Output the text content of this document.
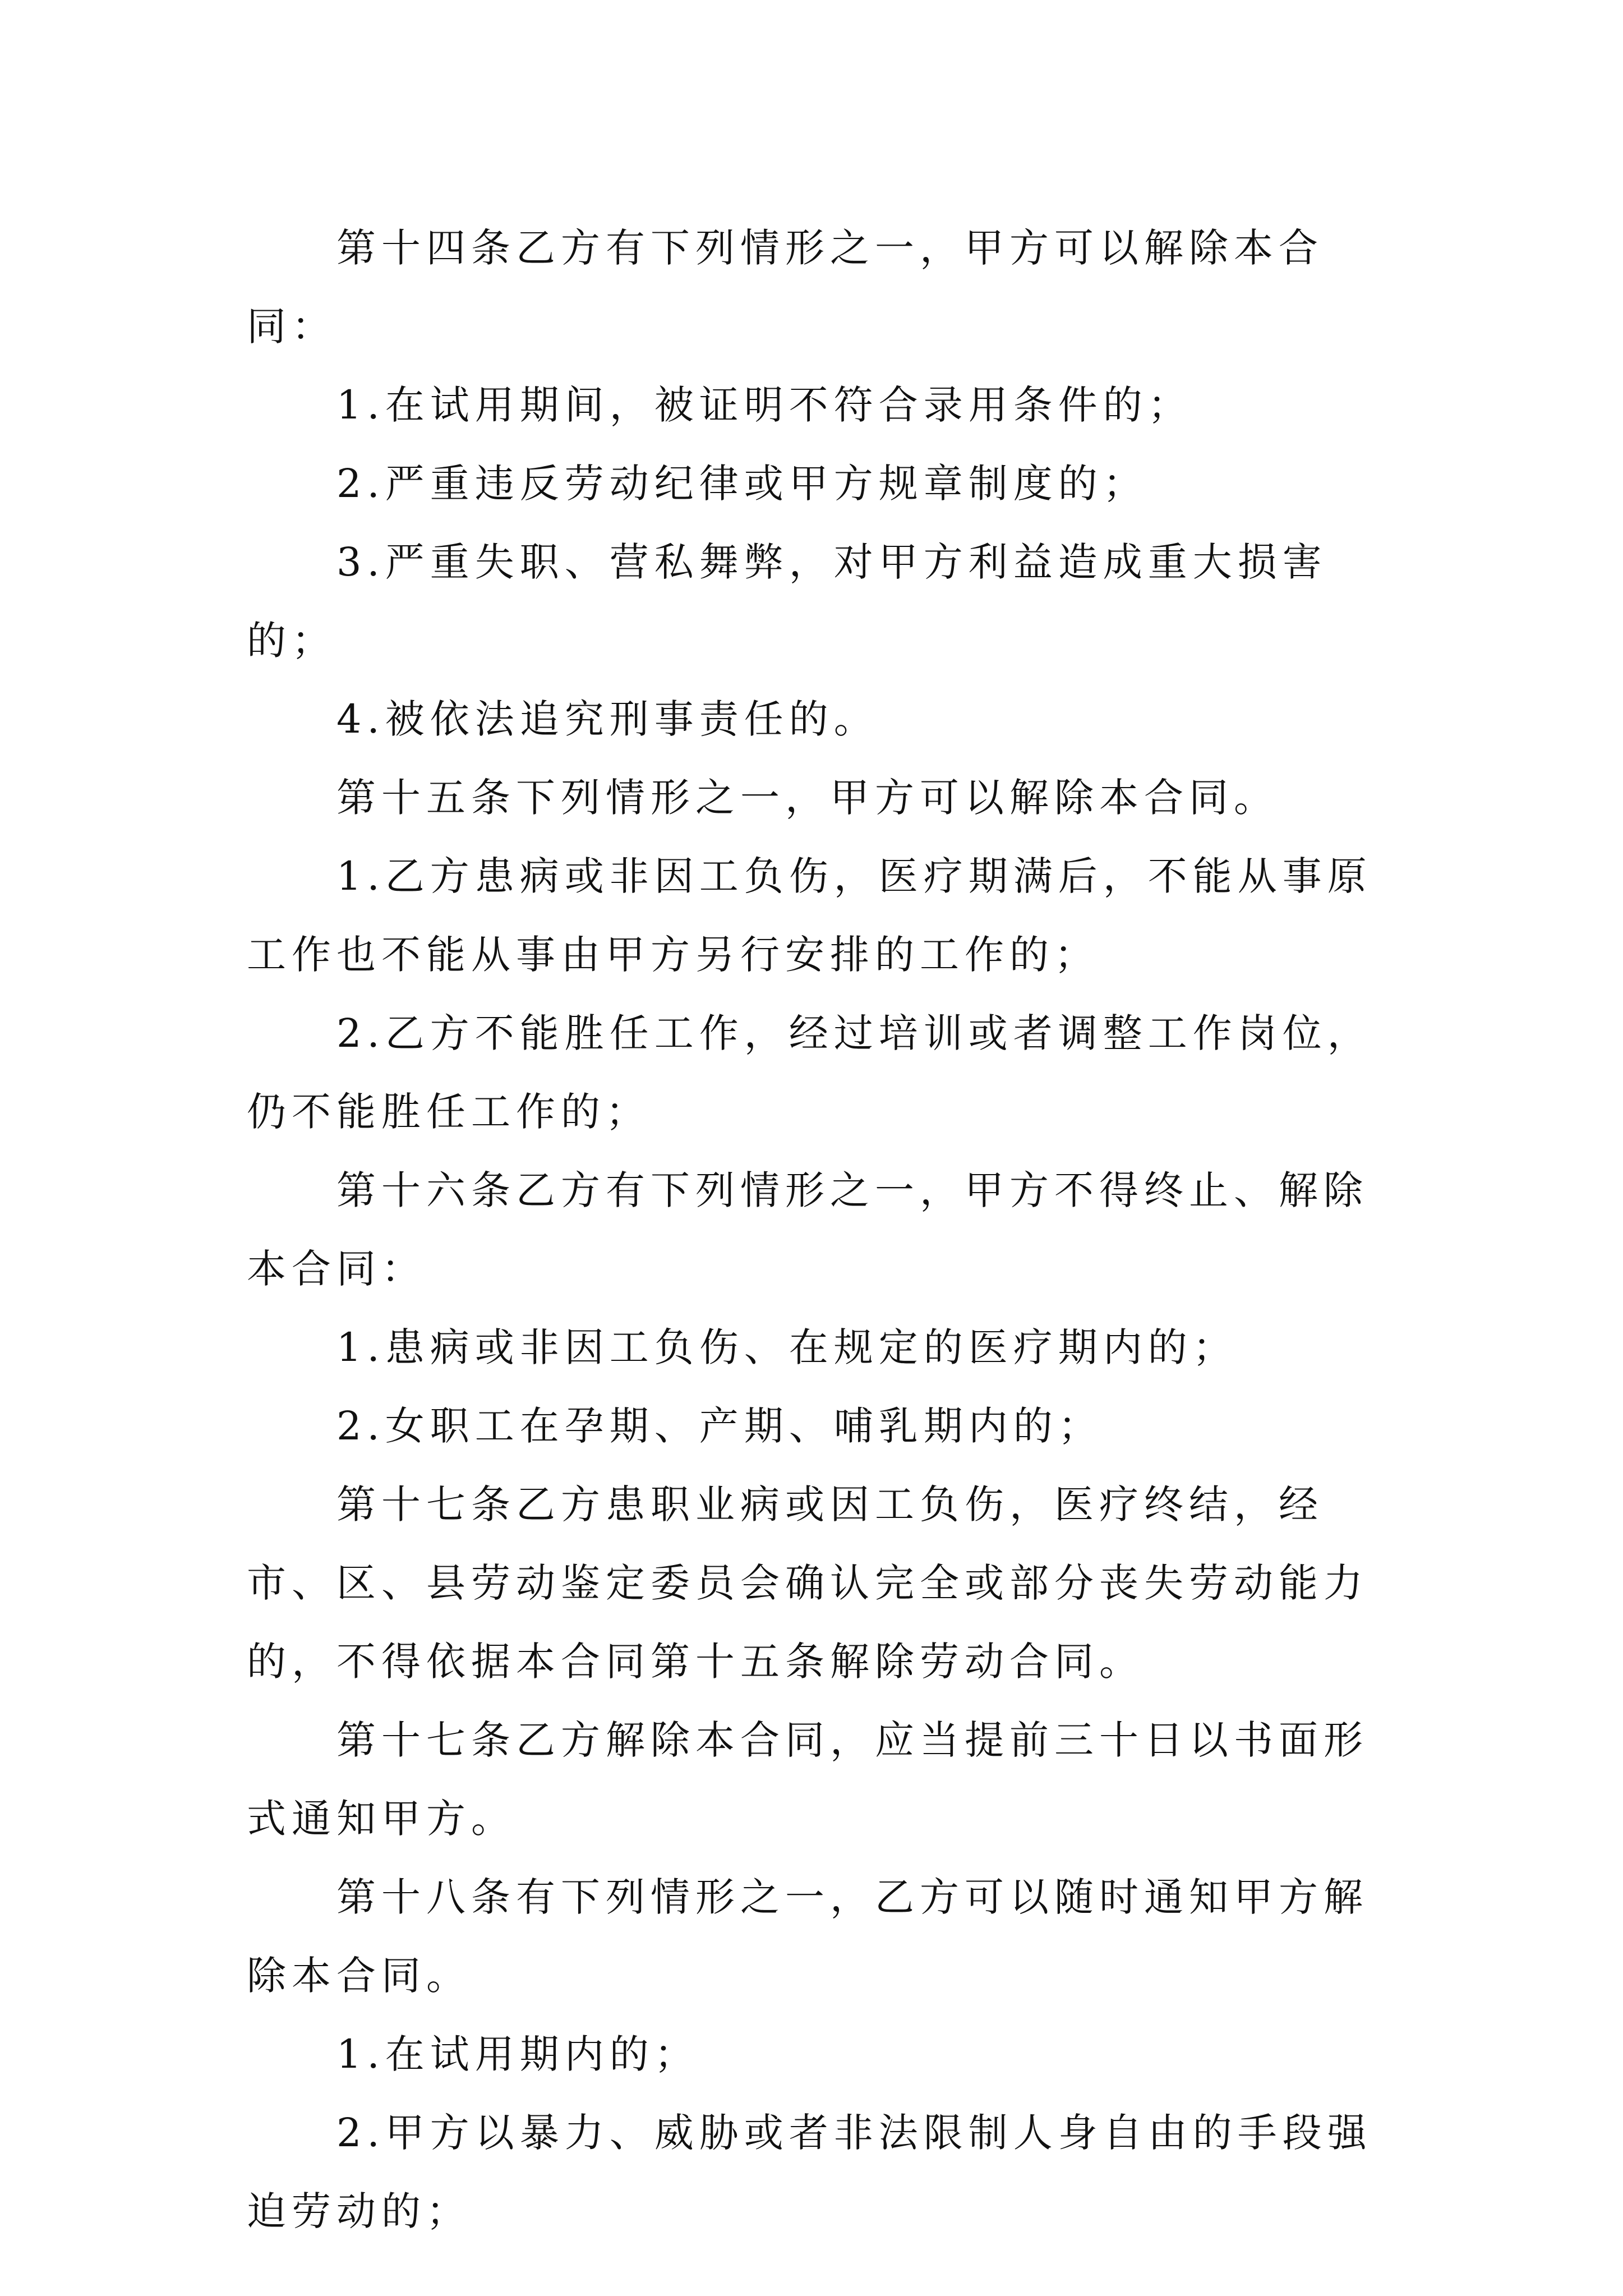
第十四条乙方有下列情形之一，甲方可以解除本合同：

1.在试用期间，被证明不符合录用条件的；

2.严重违反劳动纪律或甲方规章制度的；

3.严重失职、营私舞弊，对甲方利益造成重大损害的；

4.被依法追究刑事责任的。

第十五条下列情形之一，甲方可以解除本合同。

1.乙方患病或非因工负伤，医疗期满后，不能从事原工作也不能从事由甲方另行安排的工作的；

2.乙方不能胜任工作，经过培训或者调整工作岗位，仍不能胜任工作的；

第十六条乙方有下列情形之一，甲方不得终止、解除本合同：

1.患病或非因工负伤、在规定的医疗期内的；

2.女职工在孕期、产期、哺乳期内的；

第十七条乙方患职业病或因工负伤，医疗终结，经市、区、县劳动鉴定委员会确认完全或部分丧失劳动能力的，不得依据本合同第十五条解除劳动合同。

第十七条乙方解除本合同，应当提前三十日以书面形式通知甲方。

第十八条有下列情形之一，乙方可以随时通知甲方解除本合同。

1.在试用期内的；

2.甲方以暴力、威胁或者非法限制人身自由的手段强迫劳动的；
